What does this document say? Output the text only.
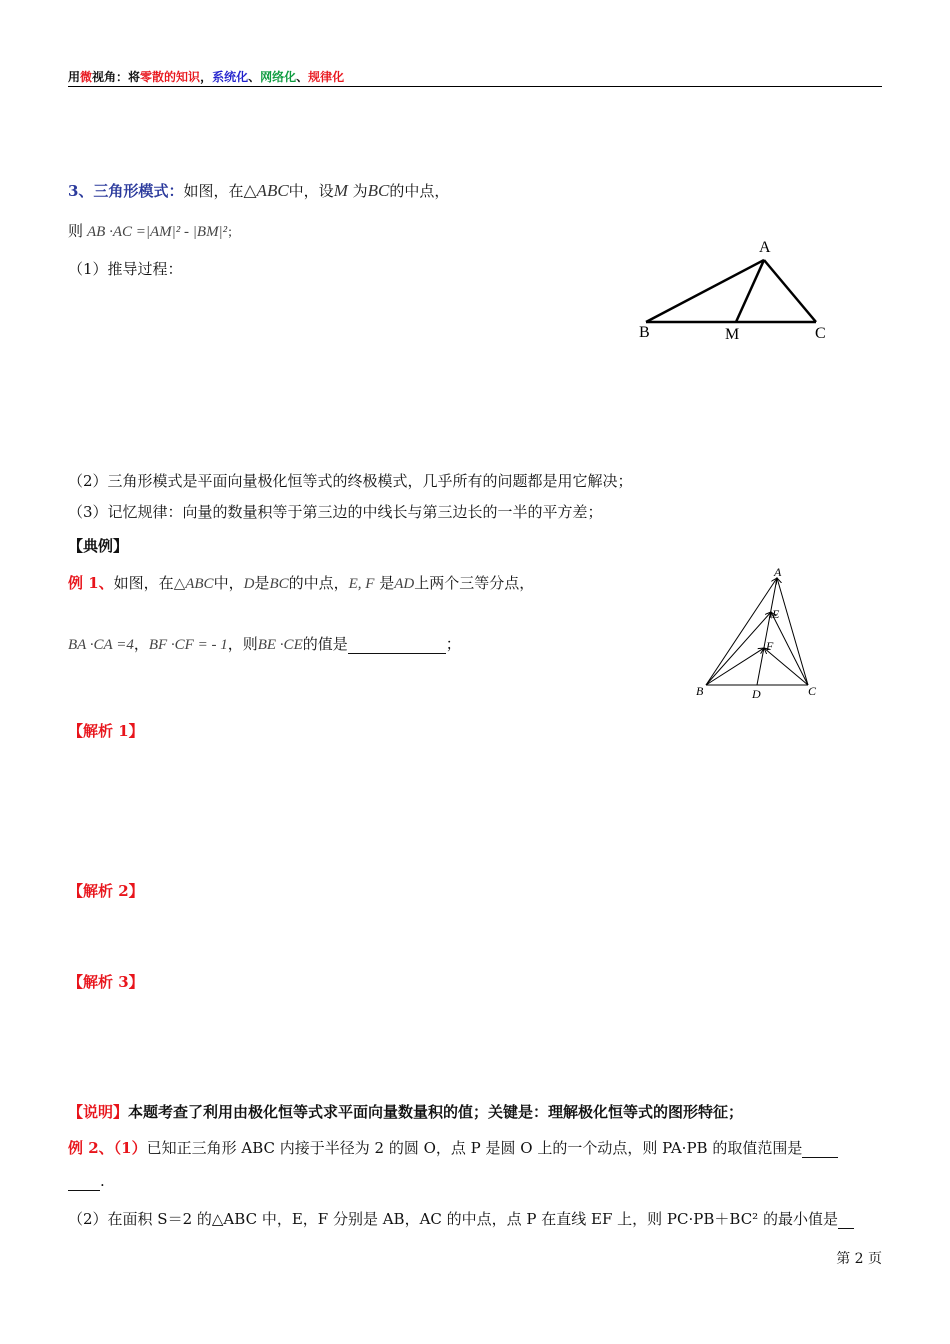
用微视角：将零散的知识，系统化、网络化、规律化
3、三角形模式：如图，在△ABC中，设M 为BC的中点，
则 AB ·AC =|AM|² - |BM|²；
（1）推导过程：
A
B	M	C
（2）三角形模式是平面向量极化恒等式的终极模式，几乎所有的问题都是用它解决；
（3）记忆规律：向量的数量积等于第三边的中线长与第三边长的一半的平方差；
【典例】
例 1、如图，在△ABC中，D是BC的中点，E, F 是AD上两个三等分点，
BA ·CA =4，BF ·CF = - 1，则BE ·CE的值是	；
A
E
F
B	D	C
【解析 1】
【解析 2】
【解析 3】
【说明】本题考查了利用由极化恒等式求平面向量数量积的值；关键是：理解极化恒等式的图形特征；
例 2、（1）已知正三角形 ABC 内接于半径为 2 的圆 O，点 P 是圆 O 上的一个动点，则 PA·PB 的取值范围是
.
（2）在面积 S＝2 的△ABC 中，E，F 分别是 AB，AC 的中点，点 P 在直线 EF 上，则 PC·PB＋BC² 的最小值是
第 2 页
